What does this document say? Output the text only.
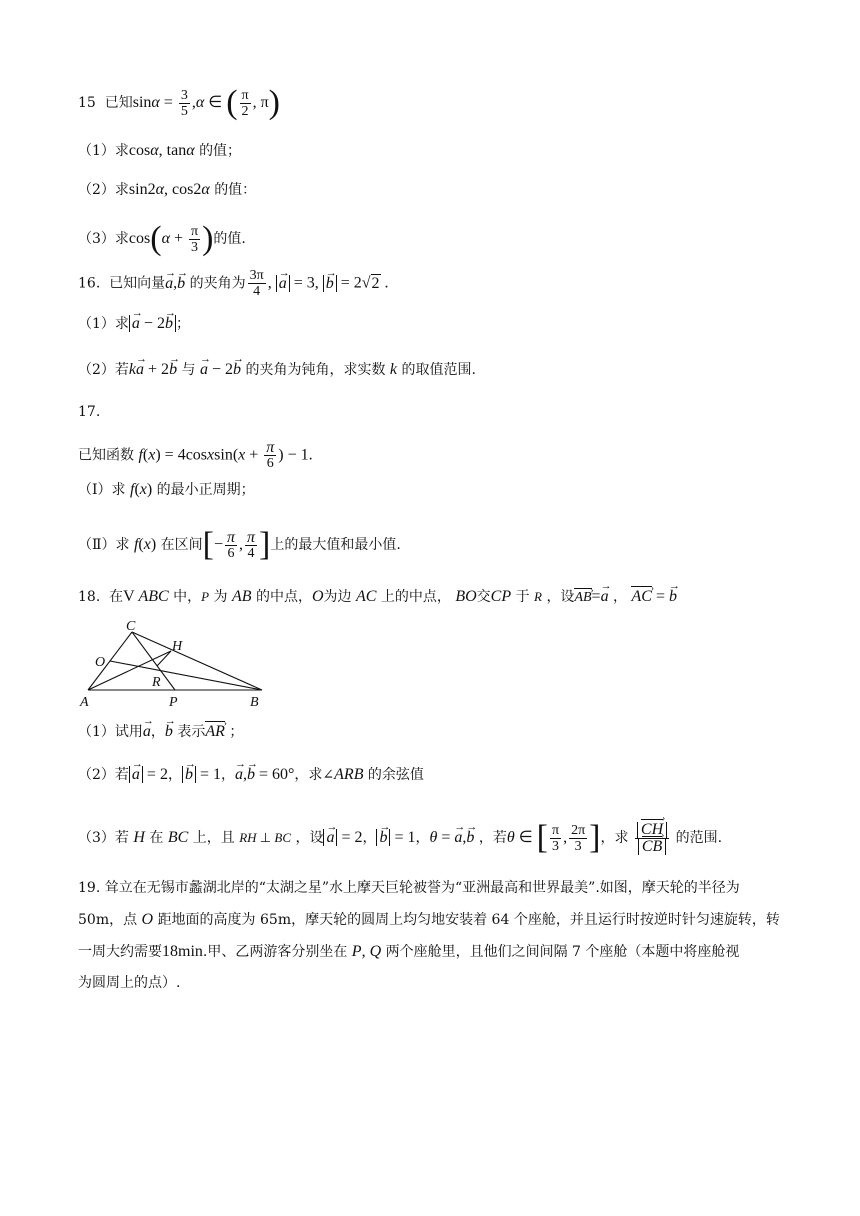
15 已知$\sin\alpha = \frac{3}{5} ,\alpha$ ∈ ( $\frac{\pi}{2}$ , π)
（1）求cosα, tanα 的值；
（2）求sin2α, cos2α 的值：
（3）求$\cos(\alpha + \frac{\pi}{3}$ )的值.
16. 已知向量→ a,→ b 的夹角为 $\frac{3\pi}{4}$ , → a = 3, → b = 2√2 .
（1）求 → a − 2→ b ；
（2）若k→ a + 2→ b 与 → a − 2→ b 的夹角为钝角，求实数 k 的取值范围.
17.
已知函数 f(x) = 4cosxsin(x + $\frac{\pi}{6}$ ) − 1.
（Ⅰ）求 f(x) 的最小正周期；
（Ⅱ）求 f(x) 在区间[− $\frac{\pi}{6}$ , $\frac{\pi}{4}$ ]上的最大值和最小值.
18. 在V ABC 中，P 为 AB 的中点，O为边 AC 上的中点， BO交CP 于 R ，设AB ›=→ a ， AC › = → b
C
H
O
R
A	P	B
（1）试用→ a，→ b 表示AR › ；
（2）若 → a = 2， → b = 1，→ a,→ b = 60°，求∠ARB 的余弦值
（3）若 H 在 BC 上，且 RH ⊥ BC ，设 → a = 2， → b = 1，θ = → a,→ b ，若θ ∈ [ $\frac{\pi}{3}$ , $\frac{2\pi}{3}$ ]，求 $\frac{CH ›}{CB}$ › 的范围.
19. 耸立在无锡市蠡湖北岸的“太湖之星”水上摩天巨轮被誉为“亚洲最高和世界最美”.如图，摩天轮的半径为
50m，点 O 距地面的高度为 65m，摩天轮的圆周上均匀地安装着 64 个座舱，并且运行时按逆时针匀速旋转，转
一周大约需要18min.甲、乙两游客分别坐在 P, Q 两个座舱里，且他们之间间隔 7 个座舱（本题中将座舱视
为圆周上的点）.
